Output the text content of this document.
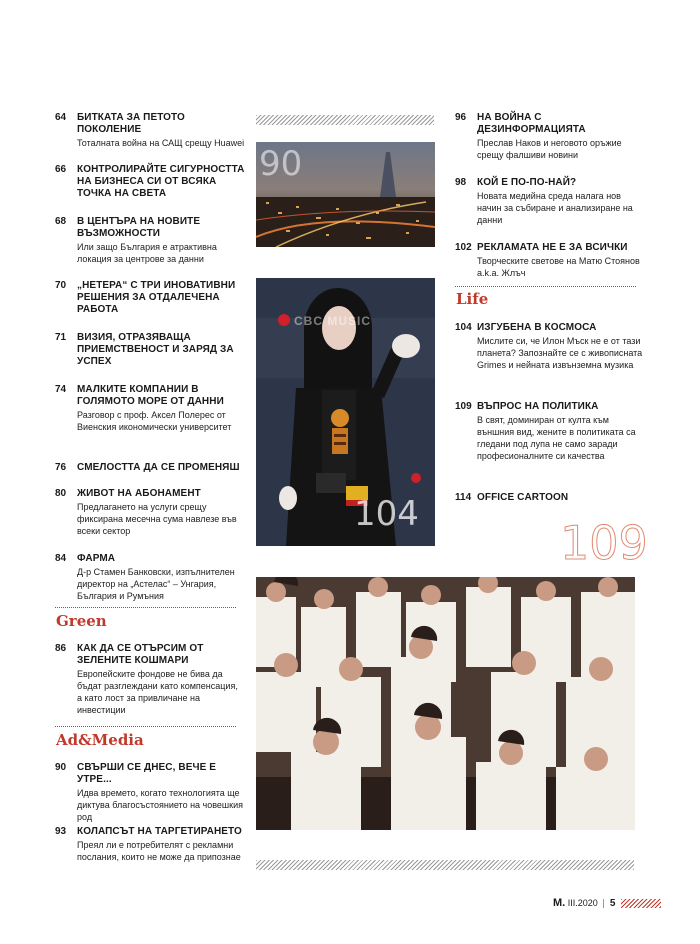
64 БИТКАТА ЗА ПЕТОТО ПОКОЛЕНИЕ
Тоталната война на САЩ срещу Huawei
66 КОНТРОЛИРАЙТЕ СИГУРНОСТТА НА БИЗНЕСА СИ ОТ ВСЯКА ТОЧКА НА СВЕТА
68 В ЦЕНТЪРА НА НОВИТЕ ВЪЗМОЖНОСТИ
Или защо България е атрактивна локация за центрове за данни
70 „НЕТЕРА“ С ТРИ ИНОВАТИВНИ РЕШЕНИЯ ЗА ОТДАЛЕЧЕНА РАБОТА
71 ВИЗИЯ, ОТРАЗЯВАЩА ПРИЕМСТВЕНОСТ И ЗАРЯД ЗА УСПЕХ
74 МАЛКИТЕ КОМПАНИИ В ГОЛЯМОТО МОРЕ ОТ ДАННИ
Разговор с проф. Аксел Полерес от Виенския икономически университет
76 СМЕЛОСТТА ДА СЕ ПРОМЕНЯШ
80 ЖИВОТ НА АБОНАМЕНТ
Предлагането на услуги срещу фиксирана месечна сума навлезе във всеки сектор
84 ФАРМА
Д-р Стамен Банковски, изпълнителен директор на „Астелас“ – Унгария, България и Румъния
Green
86 КАК ДА СЕ ОТЪРСИМ ОТ ЗЕЛЕНИТЕ КОШМАРИ
Европейските фондове не бива да бъдат разглеждани като компенсация, а като лост за привличане на инвестиции
Ad&Media
90 СВЪРШИ СЕ ДНЕС, ВЕЧЕ Е УТРЕ...
Идва времето, когато технологията ще диктува благосъстоянието на човешкия род
93 КОЛАПСЪТ НА ТАРГЕТИРАНЕТО
Преял ли е потребителят с рекламни послания, които не може да припознае
90
CBC MUSIC
104
96 НА ВОЙНА С ДЕЗИНФОРМАЦИЯТА
Преслав Наков и неговото оръжие срещу фалшиви новини
98 КОЙ Е ПО-ПО-НАЙ?
Новата медийна среда налага нов начин за събиране и анализиране на данни
102 РЕКЛАМАТА НЕ Е ЗА ВСИЧКИ
Творческите светове на Матю Стоянов a.k.a. Жлъч
Life
104 ИЗГУБЕНА В КОСМОСА
Мислите си, че Илон Мъск не е от тази планета? Запознайте се с живописната Grimes и нейната извънземна музика
109 ВЪПРОС НА ПОЛИТИКА
В свят, доминиран от култа към външния вид, жените в политиката са гледани под лупа не само заради професионалните си качества
114 OFFICE CARTOON
109
M. III.2020 5
